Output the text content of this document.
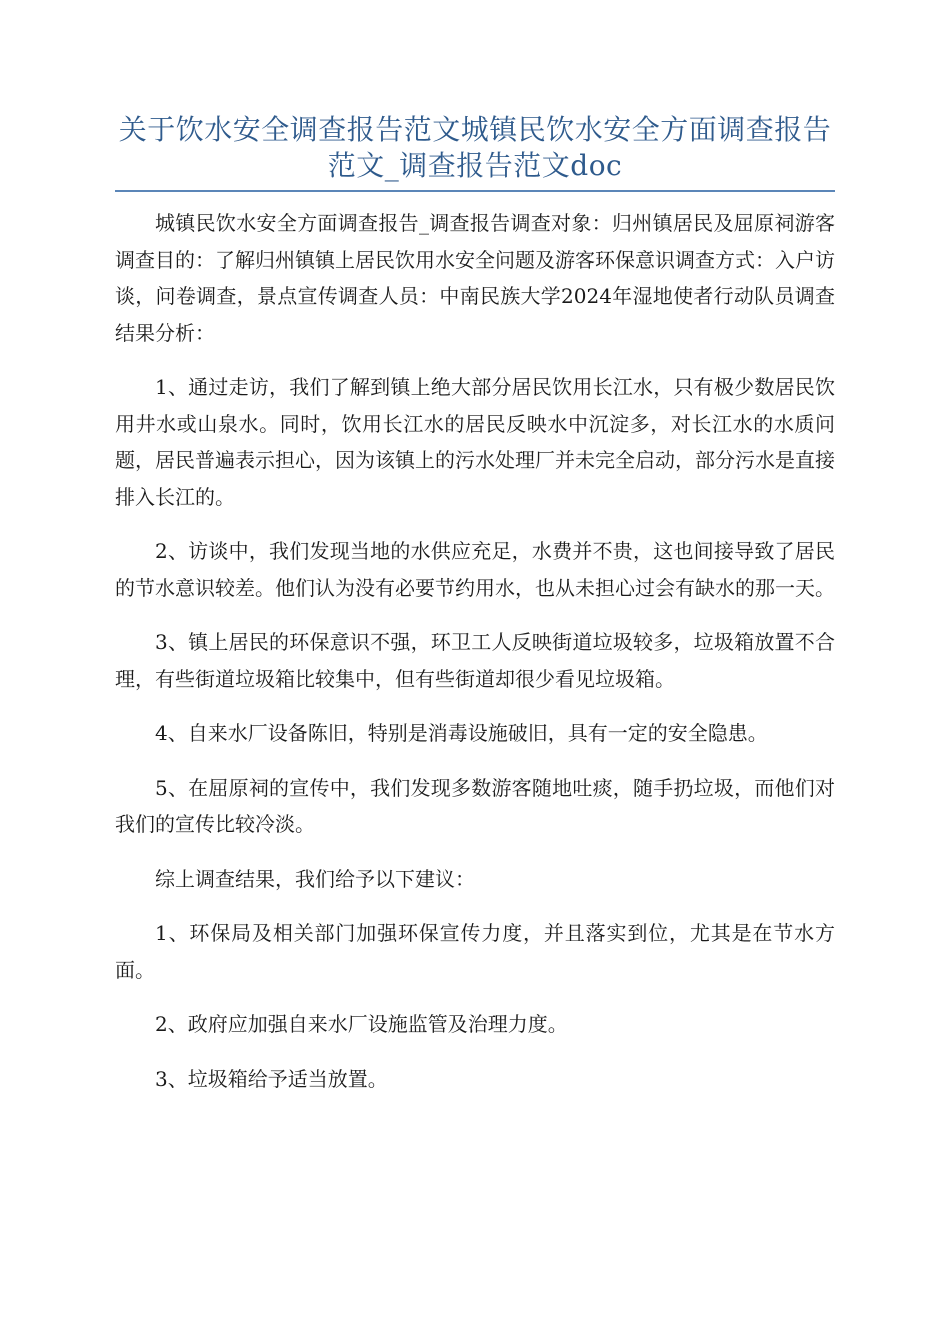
关于饮水安全调查报告范文城镇民饮水安全方面调查报告范文_调查报告范文doc

城镇民饮水安全方面调查报告_调查报告调查对象：归州镇居民及屈原祠游客调查目的：了解归州镇镇上居民饮用水安全问题及游客环保意识调查方式：入户访谈，问卷调查，景点宣传调查人员：中南民族大学2024年湿地使者行动队员调查结果分析：

1、通过走访，我们了解到镇上绝大部分居民饮用长江水，只有极少数居民饮用井水或山泉水。同时，饮用长江水的居民反映水中沉淀多，对长江水的水质问题，居民普遍表示担心，因为该镇上的污水处理厂并未完全启动，部分污水是直接排入长江的。

2、访谈中，我们发现当地的水供应充足，水费并不贵，这也间接导致了居民的节水意识较差。他们认为没有必要节约用水，也从未担心过会有缺水的那一天。

3、镇上居民的环保意识不强，环卫工人反映街道垃圾较多，垃圾箱放置不合理，有些街道垃圾箱比较集中，但有些街道却很少看见垃圾箱。

4、自来水厂设备陈旧，特别是消毒设施破旧，具有一定的安全隐患。

5、在屈原祠的宣传中，我们发现多数游客随地吐痰，随手扔垃圾，而他们对我们的宣传比较冷淡。

综上调查结果，我们给予以下建议：

1、环保局及相关部门加强环保宣传力度，并且落实到位，尤其是在节水方面。

2、政府应加强自来水厂设施监管及治理力度。

3、垃圾箱给予适当放置。
